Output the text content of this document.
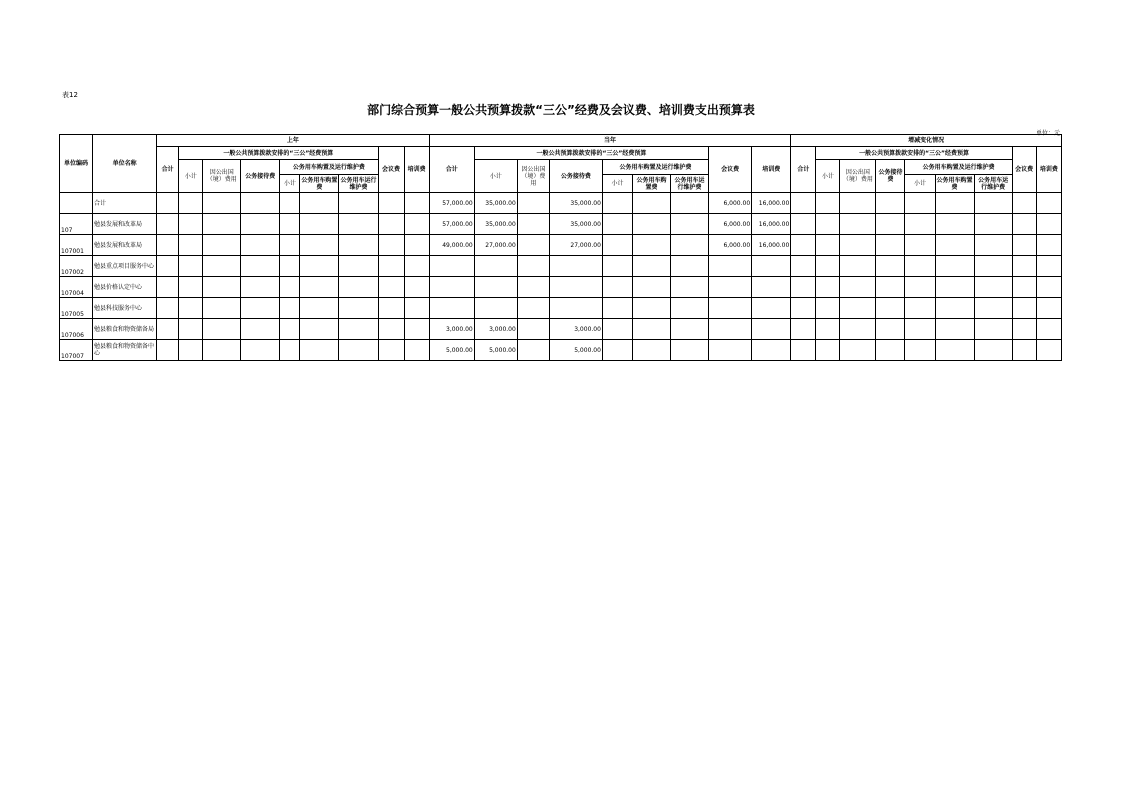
表12
部门综合预算一般公共预算拨款“三公”经费及会议费、培训费支出预算表
单位：元
单位编码	单位名称	上年									当年									增减变化情况								
		合计	一般公共预算拨款安排的“三公”经费预算						会议费	培训费	合计	一般公共预算拨款安排的“三公”经费预算						会议费	培训费	合计	一般公共预算拨款安排的“三公”经费预算						会议费	培训费
			小计	因公出国（境）费用	公务接待费	公务用车购置及运行维护费						小计	因公出国（境）费用	公务接待费	公务用车购置及运行维护费						小计	因公出国（境）费用	公务接待费	公务用车购置及运行维护费				
						小计	公务用车购置费	公务用车运行维护费							小计	公务用车购置费	公务用车运行维护费							小计	公务用车购置费	公务用车运行维护费		
	合计										57,000.00	35,000.00		35,000.00				6,000.00	16,000.00									
107	勉县发展和改革局										57,000.00	35,000.00		35,000.00				6,000.00	16,000.00									
107001	勉县发展和改革局										49,000.00	27,000.00		27,000.00				6,000.00	16,000.00									
107002	勉县重点项目服务中心																											
107004	勉县价格认定中心																											
107005	勉县科技服务中心																											
107006	勉县粮食和物资储备局										3,000.00	3,000.00		3,000.00														
107007	勉县粮食和物资储备中心										5,000.00	5,000.00		5,000.00														
